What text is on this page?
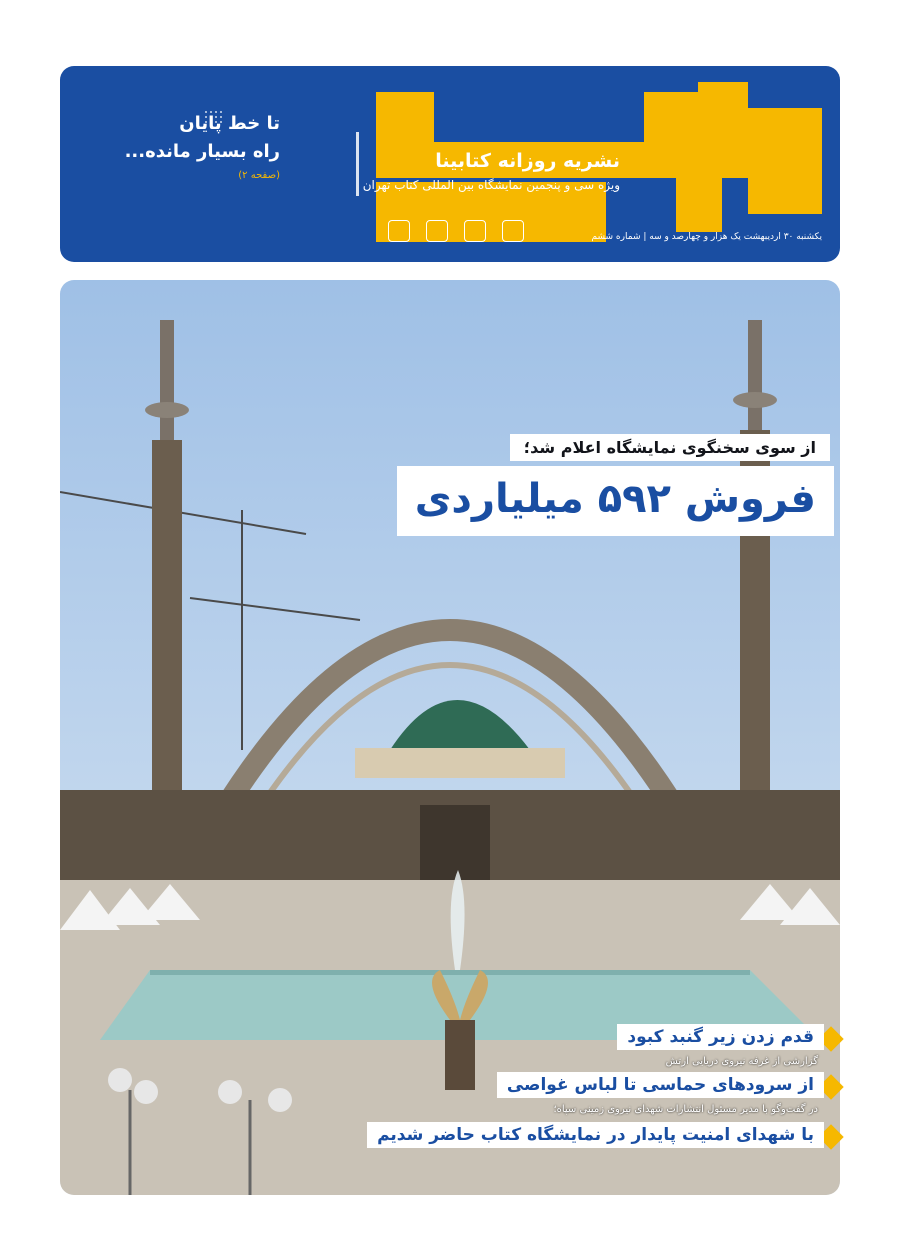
تا خط پایان
راه بسیار مانده...
(صفحه ۲)
نشریه روزانه کتابینا
ویژه سی و پنجمین نمایشگاه بین المللی کتاب تهران
یکشنبه ۳۰ اردیبهشت یک هزار و چهارصد و سه | شماره ششم
از سوی سخنگوی نمایشگاه اعلام شد؛
فروش ۵۹۲ میلیاردی
قدم زدن زیر گنبد کبود
گزارشی از غرفه نیروی دریایی ارتش
از سرودهای حماسی تا لباس غواصی
در گفت‌وگو با مدیر مسئول انتشارات شهدای نیروی زمینی سپاه؛
با شهدای امنیت پایدار در نمایشگاه کتاب حاضر شدیم
